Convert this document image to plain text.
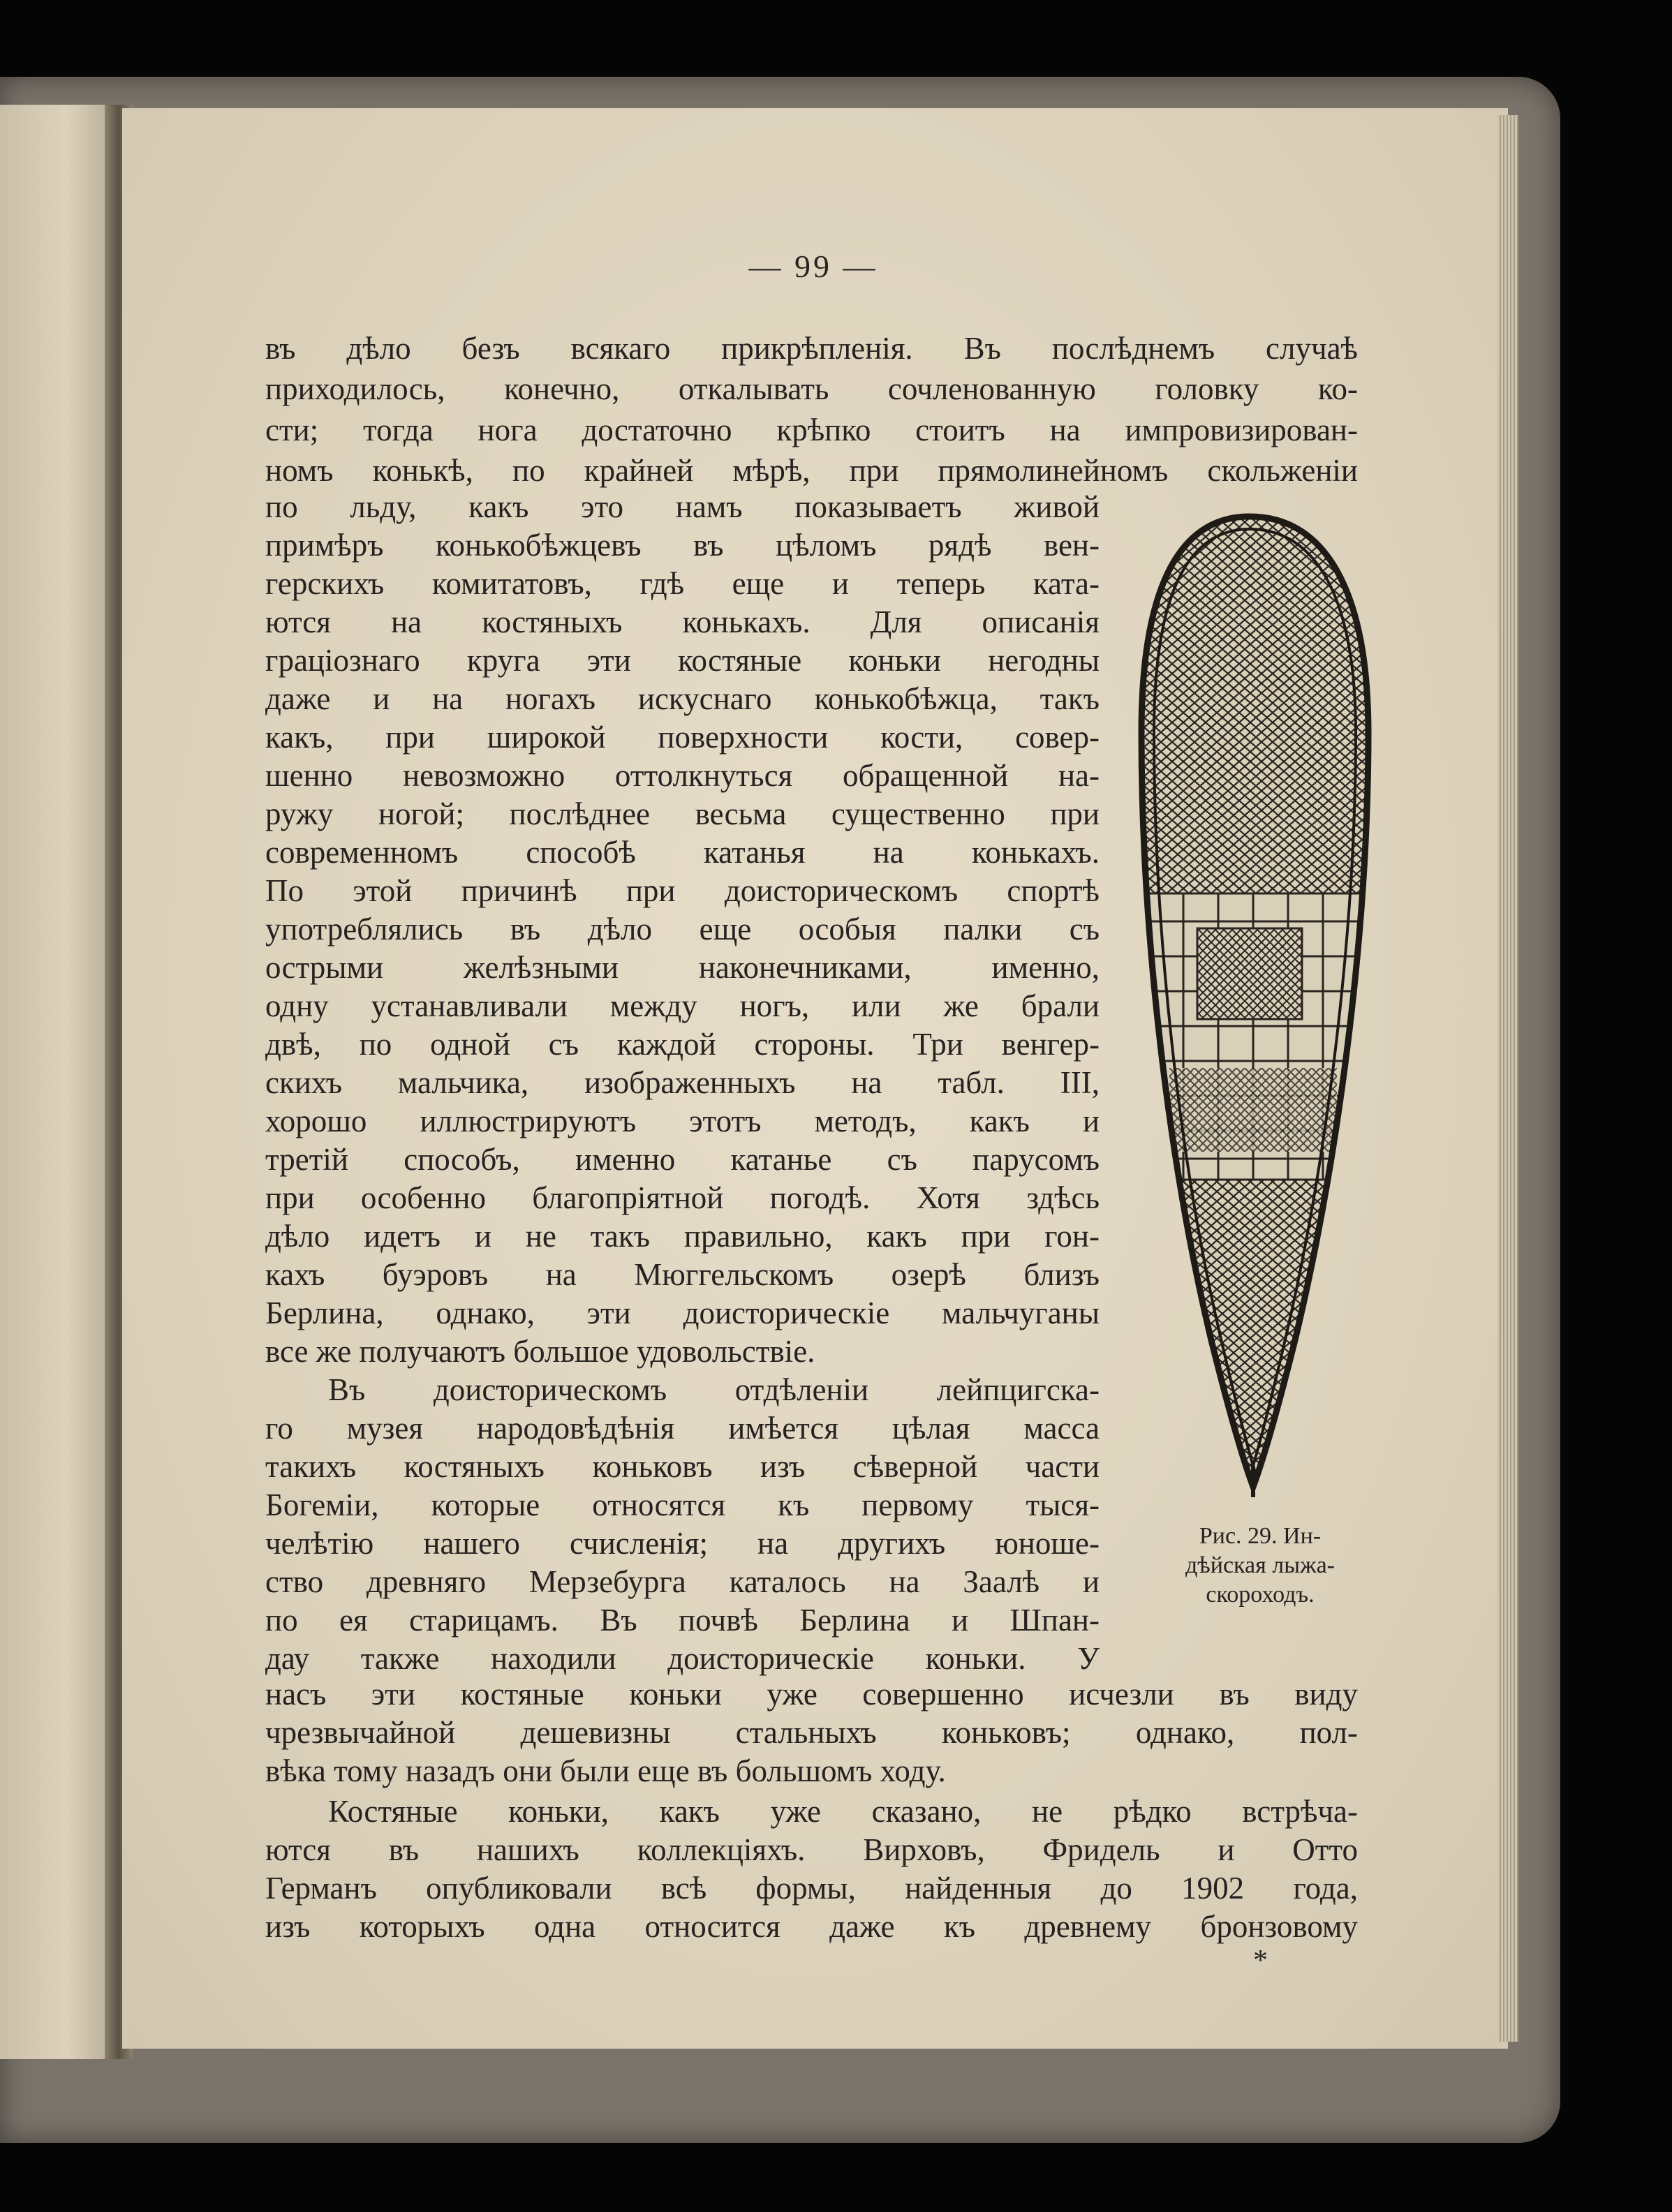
— 99 —
въ дѣло безъ всякаго прикрѣпленія. Въ послѣднемъ случаѣ
приходилось, конечно, откалывать сочленованную головку ко-
сти; тогда нога достаточно крѣпко стоитъ на импровизирован-
номъ конькѣ, по крайней мѣрѣ, при прямолинейномъ скольженіи
по льду, какъ это намъ показываетъ живой
примѣръ конькобѣжцевъ въ цѣломъ рядѣ вен-
герскихъ комитатовъ, гдѣ еще и теперь ката-
ются на костяныхъ конькахъ. Для описанія
граціознаго круга эти костяные коньки негодны
даже и на ногахъ искуснаго конькобѣжца, такъ
какъ, при широкой поверхности кости, совер-
шенно невозможно оттолкнуться обращенной на-
ружу ногой; послѣднее весьма существенно при
современномъ способѣ катанья на конькахъ.
По этой причинѣ при доисторическомъ спортѣ
употреблялись въ дѣло еще особыя палки съ
острыми желѣзными наконечниками, именно,
одну устанавливали между ногъ, или же брали
двѣ, по одной съ каждой стороны. Три венгер-
скихъ мальчика, изображенныхъ на табл. III,
хорошо иллюстрируютъ этотъ методъ, какъ и
третій способъ, именно катанье съ парусомъ
при особенно благопріятной погодѣ. Хотя здѣсь
дѣло идетъ и не такъ правильно, какъ при гон-
кахъ буэровъ на Мюггельскомъ озерѣ близъ
Берлина, однако, эти доисторическіе мальчуганы
все же получаютъ большое удовольствіе.
Въ доисторическомъ отдѣленіи лейпцигска-
го музея народовѣдѣнія имѣется цѣлая масса
такихъ костяныхъ коньковъ изъ сѣверной части
Богеміи, которые относятся къ первому тыся-
челѣтію нашего счисленія; на другихъ юноше-
ство древняго Мерзебурга каталось на Заалѣ и
по ея старицамъ. Въ почвѣ Берлина и Шпан-
дау также находили доисторическіе коньки. У
насъ эти костяные коньки уже совершенно исчезли въ виду
чрезвычайной дешевизны стальныхъ коньковъ; однако, пол-
вѣка тому назадъ они были еще въ большомъ ходу.
Костяные коньки, какъ уже сказано, не рѣдко встрѣча-
ются въ нашихъ коллекціяхъ. Вирховъ, Фридель и Отто
Германъ опубликовали всѣ формы, найденныя до 1902 года,
изъ которыхъ одна относится даже къ древнему бронзовому
Рис. 29. Ин-
дѣйская лыжа-
скороходъ.
*
